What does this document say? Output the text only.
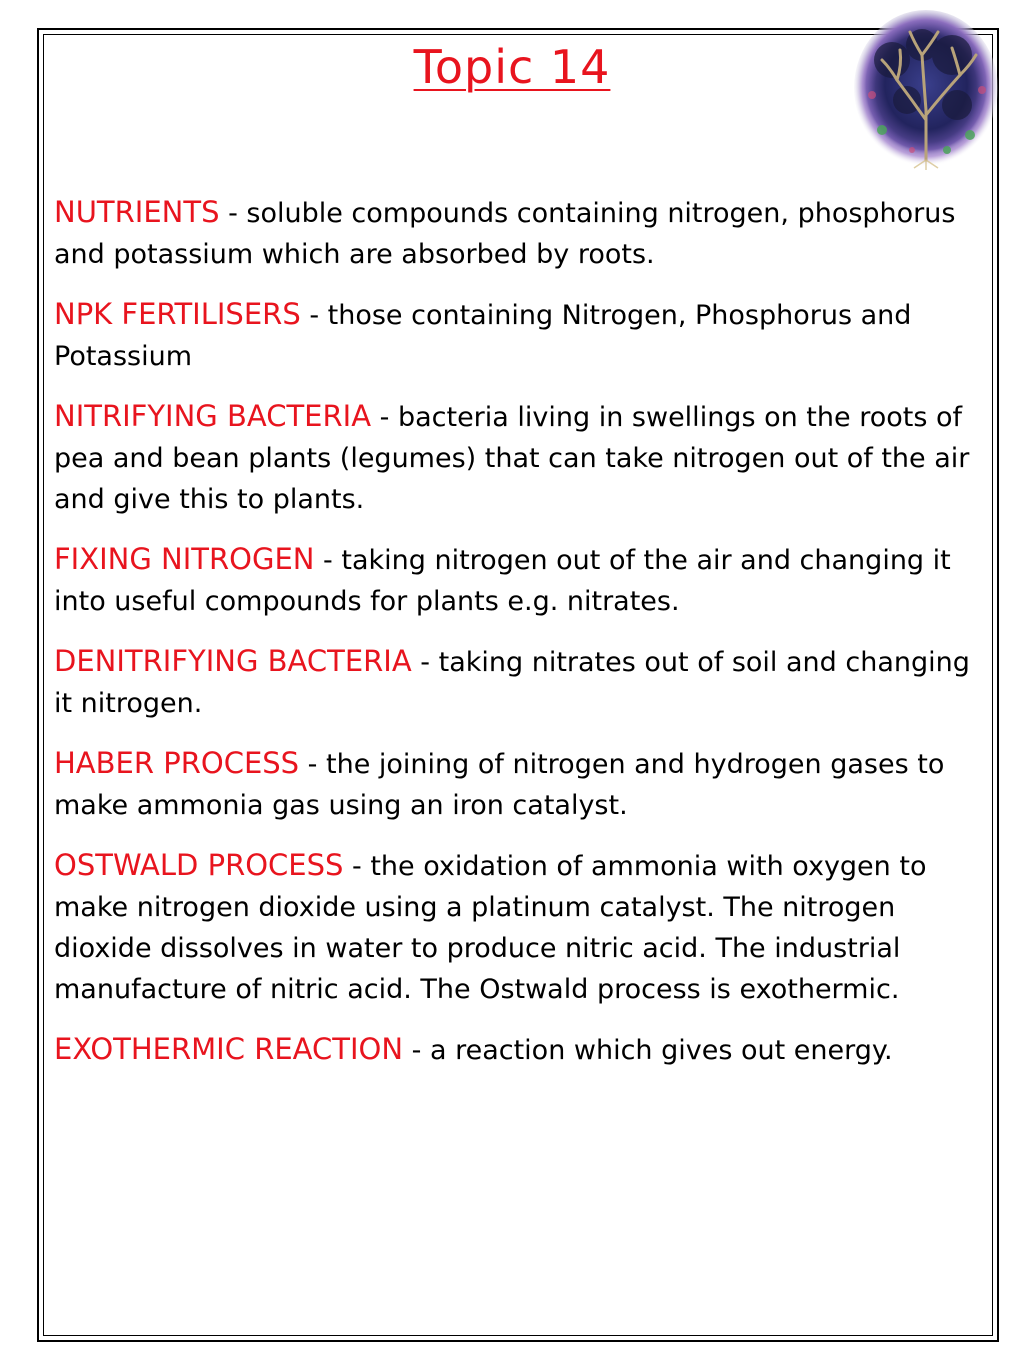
Topic 14
NUTRIENTS - soluble compounds containing nitrogen, phosphorus and potassium which are absorbed by roots.
NPK FERTILISERS - those containing Nitrogen, Phosphorus and Potassium
NITRIFYING BACTERIA - bacteria living in swellings on the roots of pea and bean plants (legumes) that can take nitrogen out of the air and give this to plants.
FIXING NITROGEN - taking nitrogen out of the air and changing it into useful compounds for plants e.g. nitrates.
DENITRIFYING BACTERIA - taking nitrates out of soil and changing it nitrogen.
HABER PROCESS - the joining of nitrogen and hydrogen gases to make ammonia gas using an iron catalyst.
OSTWALD PROCESS - the oxidation of ammonia with oxygen to make nitrogen dioxide using a platinum catalyst. The nitrogen dioxide dissolves in water to produce nitric acid. The industrial manufacture of nitric acid. The Ostwald process is exothermic.
EXOTHERMIC REACTION - a reaction which gives out energy.
